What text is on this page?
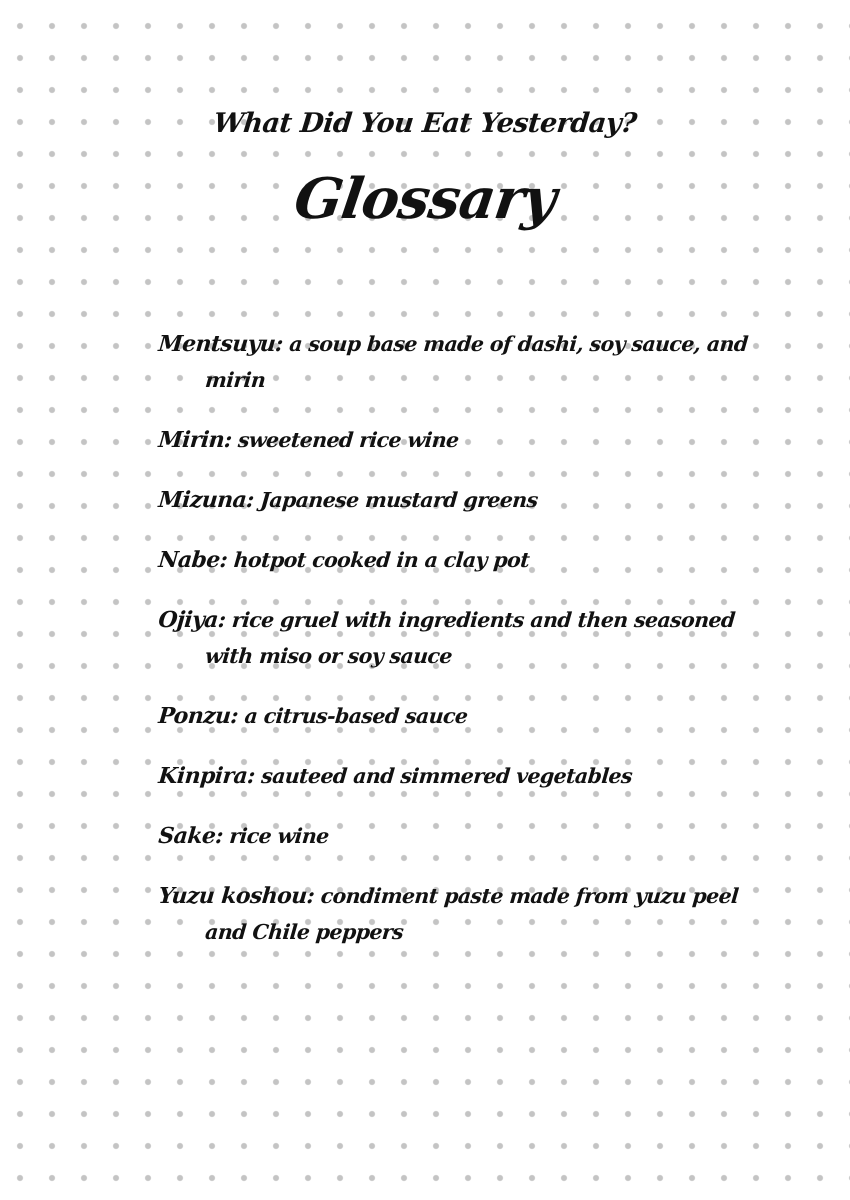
What Did You Eat Yesterday?
Glossary
Mentsuyu: a soup base made of dashi, soy sauce, and mirin
Mirin: sweetened rice wine
Mizuna: Japanese mustard greens
Nabe: hotpot cooked in a clay pot
Ojiya: rice gruel with ingredients and then seasoned with miso or soy sauce
Ponzu: a citrus-based sauce
Kinpira: sauteed and simmered vegetables
Sake: rice wine
Yuzu koshou: condiment paste made from yuzu peel and Chile peppers
